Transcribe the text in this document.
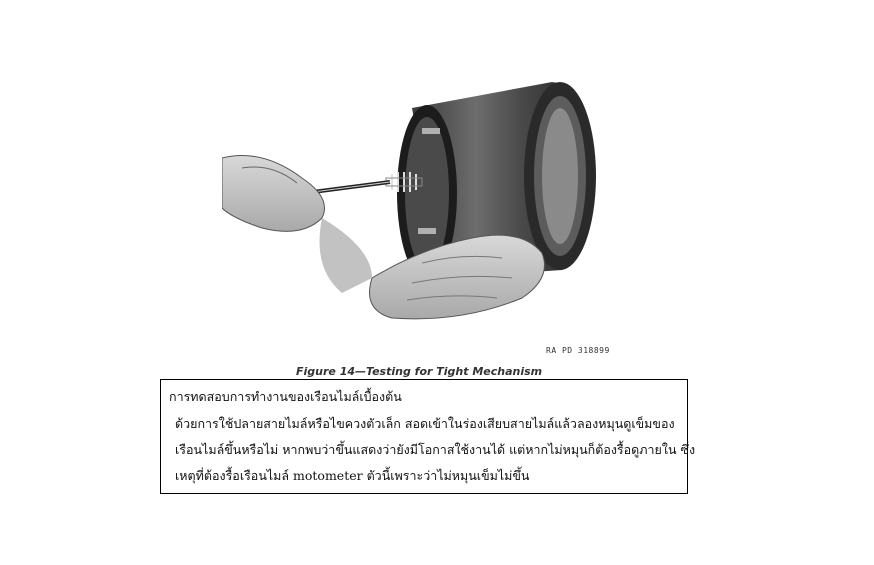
RA PD 318899
Figure 14—Testing for Tight Mechanism
การทดสอบการทำงานของเรือนไมล์เบื้องต้น
ด้วยการใช้ปลายสายไมล์หรือไขควงตัวเล็ก สอดเข้าในร่องเสียบสายไมล์แล้วลองหมุนดูเข็มของ
เรือนไมล์ขึ้นหรือไม่ หากพบว่าขึ้นแสดงว่ายังมีโอกาสใช้งานได้ แต่หากไม่หมุนก็ต้องรื้อดูภายใน ซึ่ง
เหตุที่ต้องรื้อเรือนไมล์ motometer ตัวนี้เพราะว่าไม่หมุนเข็มไม่ขึ้น
